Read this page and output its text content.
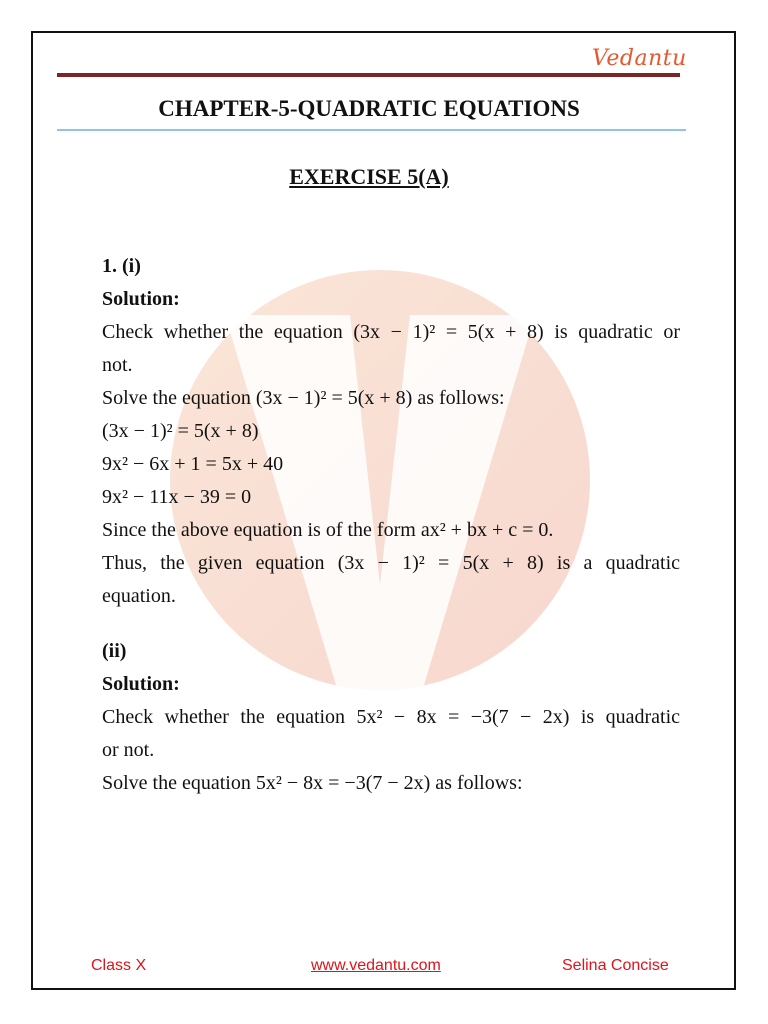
Vedantu
CHAPTER-5-QUADRATIC EQUATIONS
EXERCISE 5(A)

1. (i)

Solution:

Check whether the equation (3x − 1)² = 5(x + 8) is quadratic or

not.

Solve the equation (3x − 1)² = 5(x + 8) as follows:

(3x − 1)² = 5(x + 8)

9x² − 6x + 1 = 5x + 40

9x² − 11x − 39 = 0

Since the above equation is of the form ax² + bx + c = 0.

Thus, the given equation (3x − 1)² = 5(x + 8) is a quadratic

equation.

(ii)

Solution:

Check whether the equation 5x² − 8x = −3(7 − 2x) is quadratic

or not.

Solve the equation 5x² − 8x = −3(7 − 2x) as follows:

Class X	www.vedantu.com	Selina Concise
